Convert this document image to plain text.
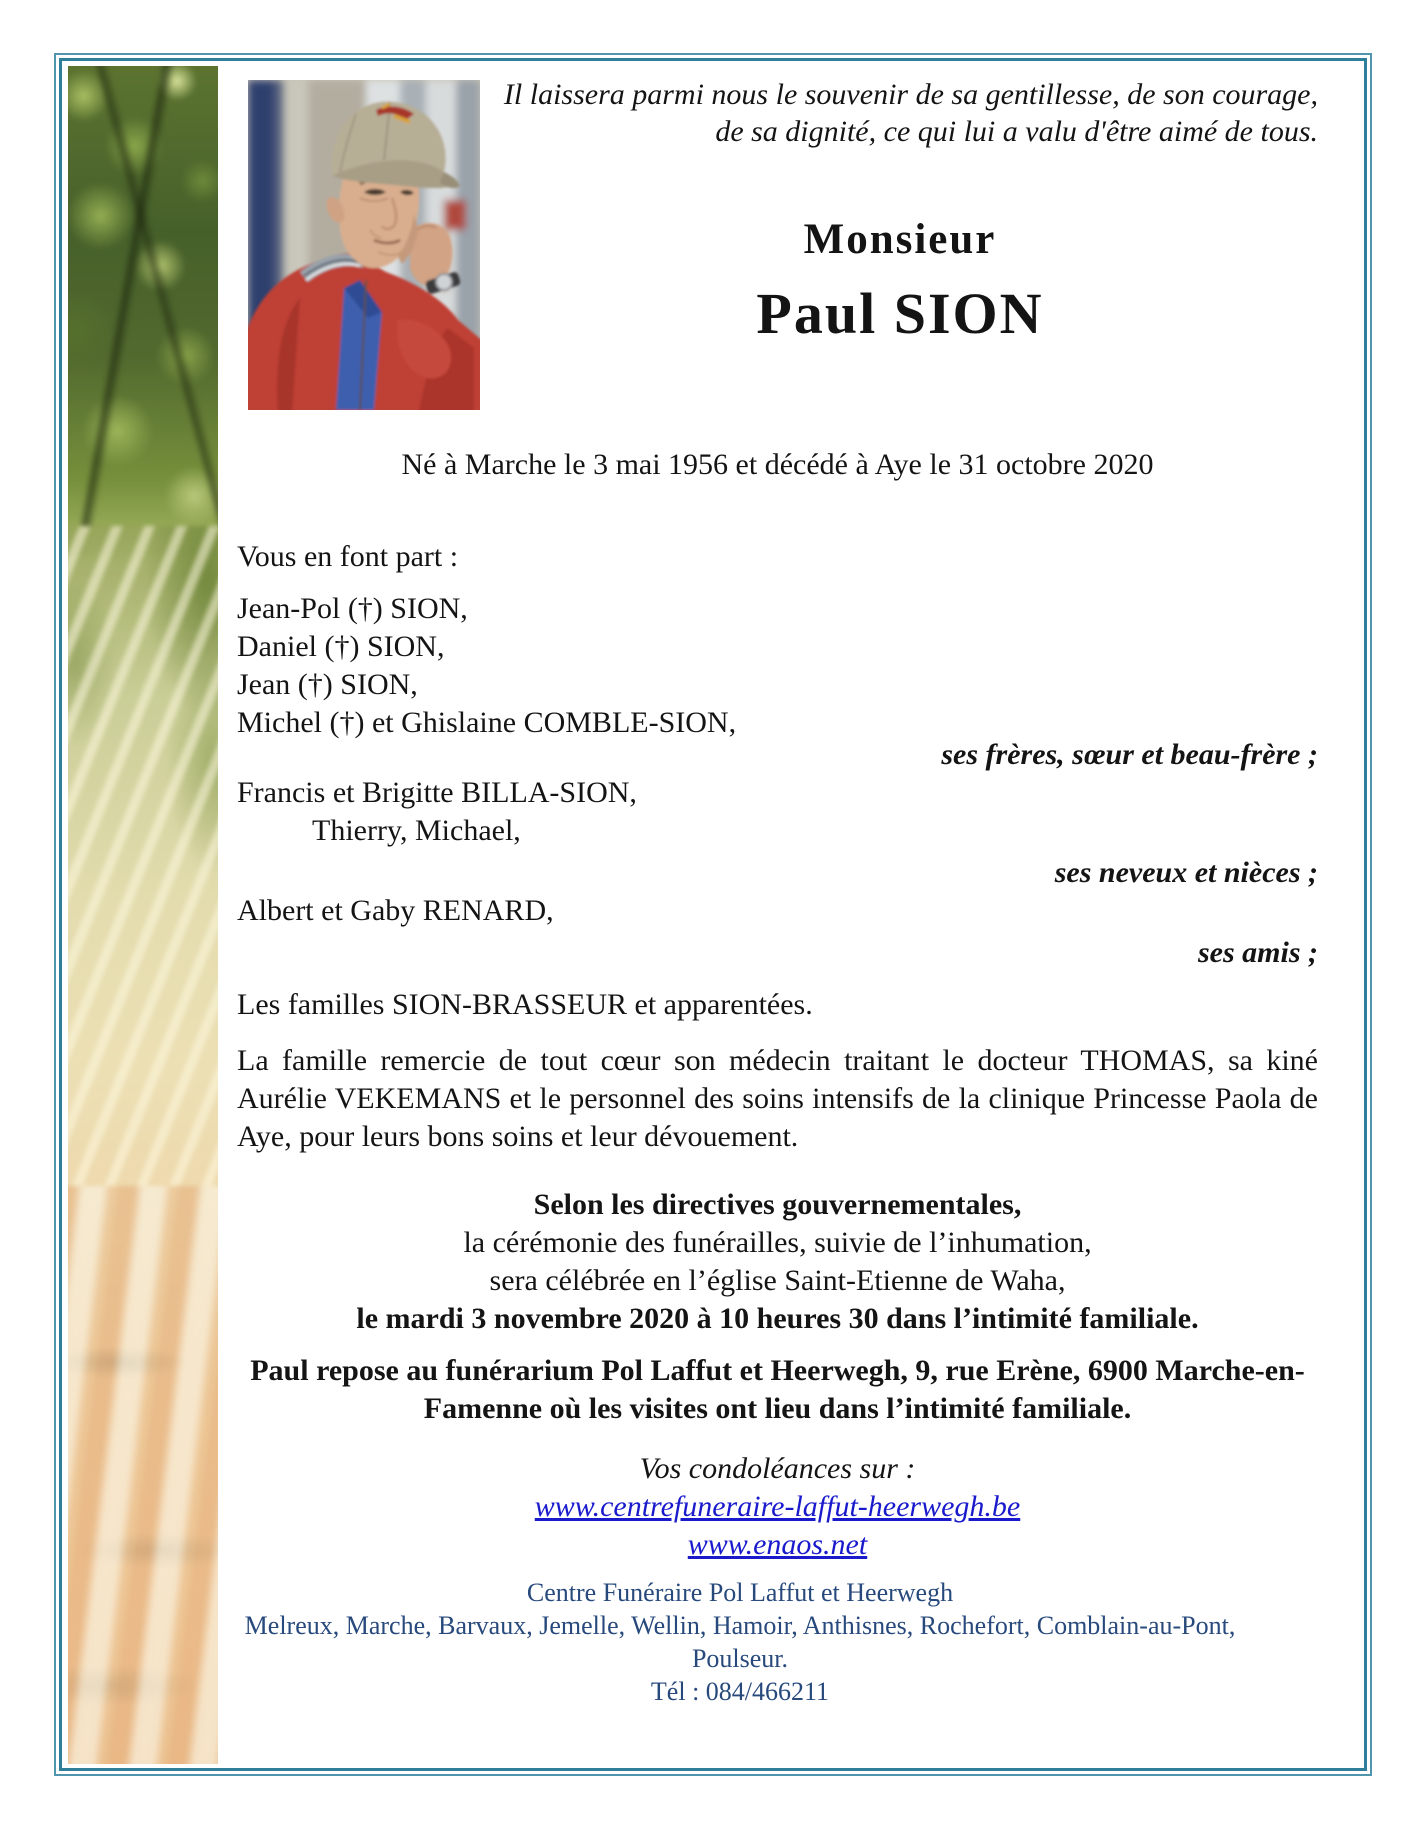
Il laissera parmi nous le souvenir de sa gentillesse, de son courage,
de sa dignité, ce qui lui a valu d'être aimé de tous.
Monsieur
Paul SION
Né à Marche le 3 mai 1956 et décédé à Aye le 31 octobre 2020

Vous en font part :

Jean-Pol (†) SION,
Daniel (†) SION,
Jean (†) SION,
Michel (†) et Ghislaine COMBLE-SION,
ses frères, sœur et beau-frère ;
Francis et Brigitte BILLA-SION,
Thierry, Michael,
ses neveux et nièces ;
Albert et Gaby RENARD,
ses amis ;
Les familles SION-BRASSEUR et apparentées.

La famille remercie de tout cœur son médecin traitant le docteur THOMAS, sa kiné Aurélie VEKEMANS et le personnel des soins intensifs de la clinique Princesse Paola de Aye, pour leurs bons soins et leur dévouement.

Selon les directives gouvernementales,
la cérémonie des funérailles, suivie de l’inhumation,
sera célébrée en l’église Saint-Etienne de Waha,
le mardi 3 novembre 2020 à 10 heures 30 dans l’intimité familiale.
Paul repose au funérarium Pol Laffut et Heerwegh, 9, rue Erène, 6900 Marche-en-
Famenne où les visites ont lieu dans l’intimité familiale.
Vos condoléances sur :
www.centrefuneraire-laffut-heerwegh.be
www.enaos.net
Centre Funéraire Pol Laffut et Heerwegh
Melreux, Marche, Barvaux, Jemelle, Wellin, Hamoir, Anthisnes, Rochefort, Comblain-au-Pont, Poulseur.
Tél : 084/466211
